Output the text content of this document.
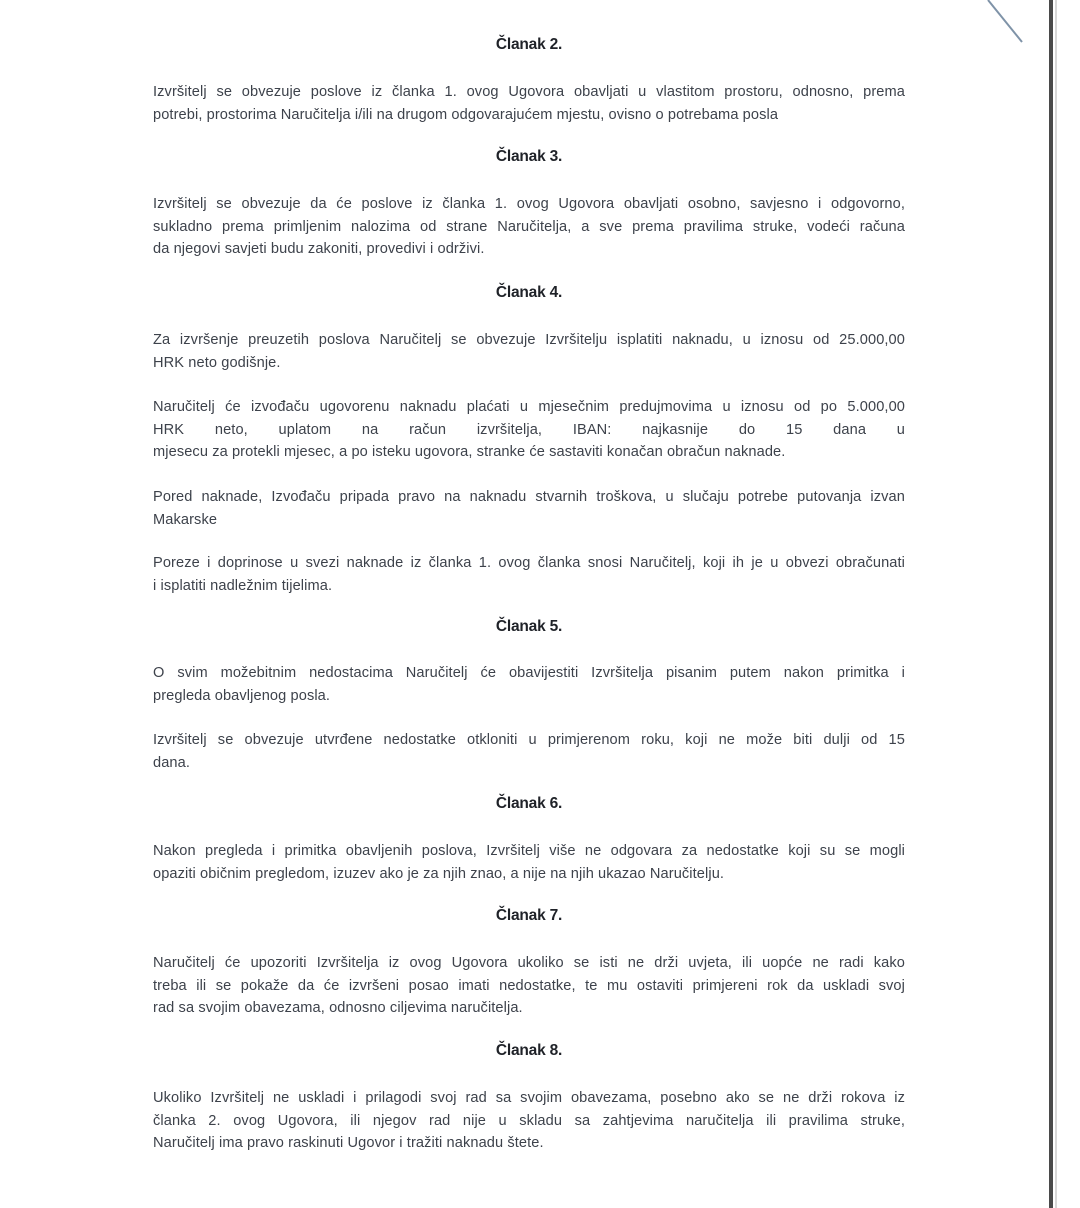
Članak 2.
Izvršitelj se obvezuje poslove iz članka 1. ovog Ugovora obavljati u vlastitom prostoru, odnosno, prema
potrebi, prostorima Naručitelja i/ili na drugom odgovarajućem mjestu, ovisno o potrebama posla
Članak 3.
Izvršitelj se obvezuje da će poslove iz članka 1. ovog Ugovora obavljati osobno, savjesno i odgovorno,
sukladno prema primljenim nalozima od strane Naručitelja, a sve prema pravilima struke, vodeći računa
da njegovi savjeti budu zakoniti, provedivi i održivi.
Članak 4.
Za izvršenje preuzetih poslova Naručitelj se obvezuje Izvršitelju isplatiti naknadu, u iznosu od 25.000,00
HRK neto godišnje.
Naručitelj će izvođaču ugovorenu naknadu plaćati u mjesečnim predujmovima u iznosu od po 5.000,00
HRK neto, uplatom na račun izvršitelja, IBAN: najkasnije do 15 dana u
mjesecu za protekli mjesec, a po isteku ugovora, stranke će sastaviti konačan obračun naknade.
Pored naknade, Izvođaču pripada pravo na naknadu stvarnih troškova, u slučaju potrebe putovanja izvan
Makarske
Poreze i doprinose u svezi naknade iz članka 1. ovog članka snosi Naručitelj, koji ih je u obvezi obračunati
i isplatiti nadležnim tijelima.
Članak 5.
O svim možebitnim nedostacima Naručitelj će obavijestiti Izvršitelja pisanim putem nakon primitka i
pregleda obavljenog posla.
Izvršitelj se obvezuje utvrđene nedostatke otkloniti u primjerenom roku, koji ne može biti dulji od 15
dana.
Članak 6.
Nakon pregleda i primitka obavljenih poslova, Izvršitelj više ne odgovara za nedostatke koji su se mogli
opaziti običnim pregledom, izuzev ako je za njih znao, a nije na njih ukazao Naručitelju.
Članak 7.
Naručitelj će upozoriti Izvršitelja iz ovog Ugovora ukoliko se isti ne drži uvjeta, ili uopće ne radi kako
treba ili se pokaže da će izvršeni posao imati nedostatke, te mu ostaviti primjereni rok da uskladi svoj
rad sa svojim obavezama, odnosno ciljevima naručitelja.
Članak 8.
Ukoliko Izvršitelj ne uskladi i prilagodi svoj rad sa svojim obavezama, posebno ako se ne drži rokova iz
članka 2. ovog Ugovora, ili njegov rad nije u skladu sa zahtjevima naručitelja ili pravilima struke,
Naručitelj ima pravo raskinuti Ugovor i tražiti naknadu štete.
